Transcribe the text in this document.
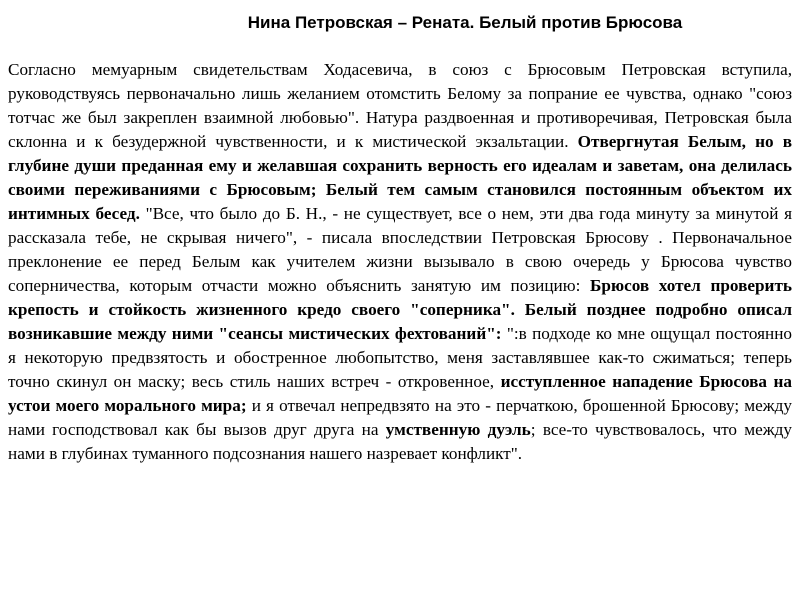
Нина Петровская – Рената. Белый против Брюсова

Согласно мемуарным свидетельствам Ходасевича, в союз с Брюсовым Петровская вступила, руководствуясь первоначально лишь желанием отомстить Белому за попрание ее чувства, однако "союз тотчас же был закреплен взаимной любовью". Натура раздвоенная и противоречивая, Петровская была склонна и к безудержной чувственности, и к мистической экзальтации. Отвергнутая Белым, но в глубине души преданная ему и желавшая сохранить верность его идеалам и заветам, она делилась своими переживаниями с Брюсовым; Белый тем самым становился постоянным объектом их интимных бесед. "Все, что было до Б. Н., - не существует, все о нем, эти два года минуту за минутой я рассказала тебе, не скрывая ничего", - писала впоследствии Петровская Брюсову . Первоначальное преклонение ее перед Белым как учителем жизни вызывало в свою очередь у Брюсова чувство соперничества, которым отчасти можно объяснить занятую им позицию: Брюсов хотел проверить крепость и стойкость жизненного кредо своего "соперника". Белый позднее подробно описал возникавшие между ними "сеансы мистических фехтований": ":в подходе ко мне ощущал постоянно я некоторую предвзятость и обостренное любопытство, меня заставлявшее как-то сжиматься; теперь точно скинул он маску; весь стиль наших встреч - откровенное, исступленное нападение Брюсова на устои моего морального мира; и я отвечал непредвзято на это - перчаткою, брошенной Брюсову; между нами господствовал как бы вызов друг друга на умственную дуэль; все-то чувствовалось, что между нами в глубинах туманного подсознания нашего назревает конфликт".
